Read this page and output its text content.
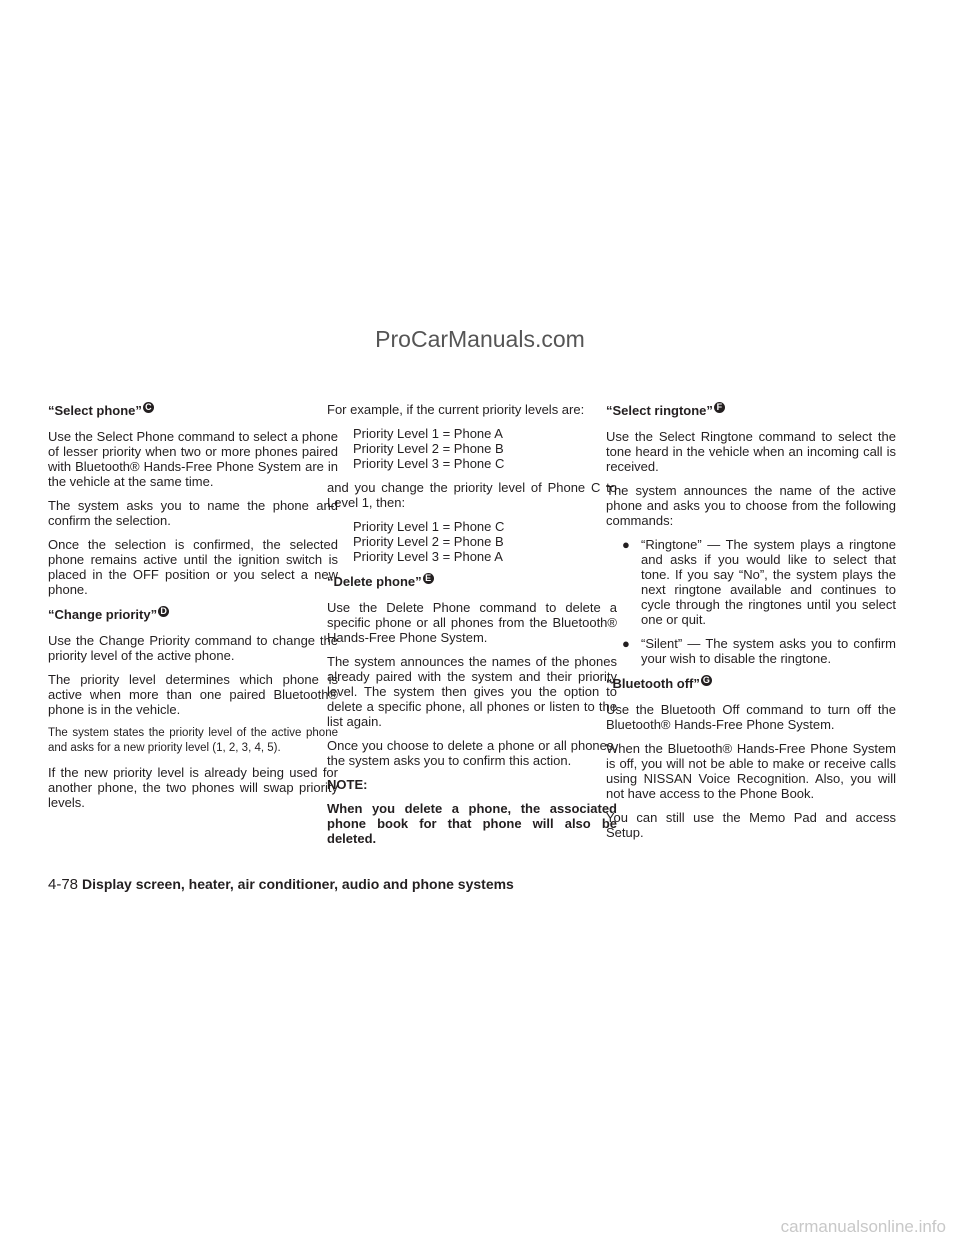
ProCarManuals.com
“Select phone” C

Use the Select Phone command to select a phone of lesser priority when two or more phones paired with Bluetooth® Hands-Free Phone System are in the vehicle at the same time.

The system asks you to name the phone and confirm the selection.

Once the selection is confirmed, the selected phone remains active until the ignition switch is placed in the OFF position or you select a new phone.

“Change priority” D

Use the Change Priority command to change the priority level of the active phone.

The priority level determines which phone is active when more than one paired Bluetooth® phone is in the vehicle.

The system states the priority level of the active phone and asks for a new priority level (1, 2, 3, 4, 5).

If the new priority level is already being used for another phone, the two phones will swap priority levels.

For example, if the current priority levels are:

Priority Level 1 = Phone A
Priority Level 2 = Phone B
Priority Level 3 = Phone C

and you change the priority level of Phone C to Level 1, then:

Priority Level 1 = Phone C
Priority Level 2 = Phone B
Priority Level 3 = Phone A
“Delete phone” E

Use the Delete Phone command to delete a specific phone or all phones from the Bluetooth® Hands-Free Phone System.

The system announces the names of the phones already paired with the system and their priority level. The system then gives you the option to delete a specific phone, all phones or listen to the list again.

Once you choose to delete a phone or all phones, the system asks you to confirm this action.

NOTE:

When you delete a phone, the associated phone book for that phone will also be deleted.

“Select ringtone” F

Use the Select Ringtone command to select the tone heard in the vehicle when an incoming call is received.

The system announces the name of the active phone and asks you to choose from the following commands:

● “Ringtone” — The system plays a ringtone and asks if you would like to select that tone. If you say “No”, the system plays the next ringtone available and continues to cycle through the ringtones until you select one or quit.
● “Silent” — The system asks you to confirm your wish to disable the ringtone.
“Bluetooth off” G

Use the Bluetooth Off command to turn off the Bluetooth® Hands-Free Phone System.

When the Bluetooth® Hands-Free Phone System is off, you will not be able to make or receive calls using NISSAN Voice Recognition. Also, you will not have access to the Phone Book.

You can still use the Memo Pad and access Setup.

4-78 Display screen, heater, air conditioner, audio and phone systems
carmanualsonline.info
